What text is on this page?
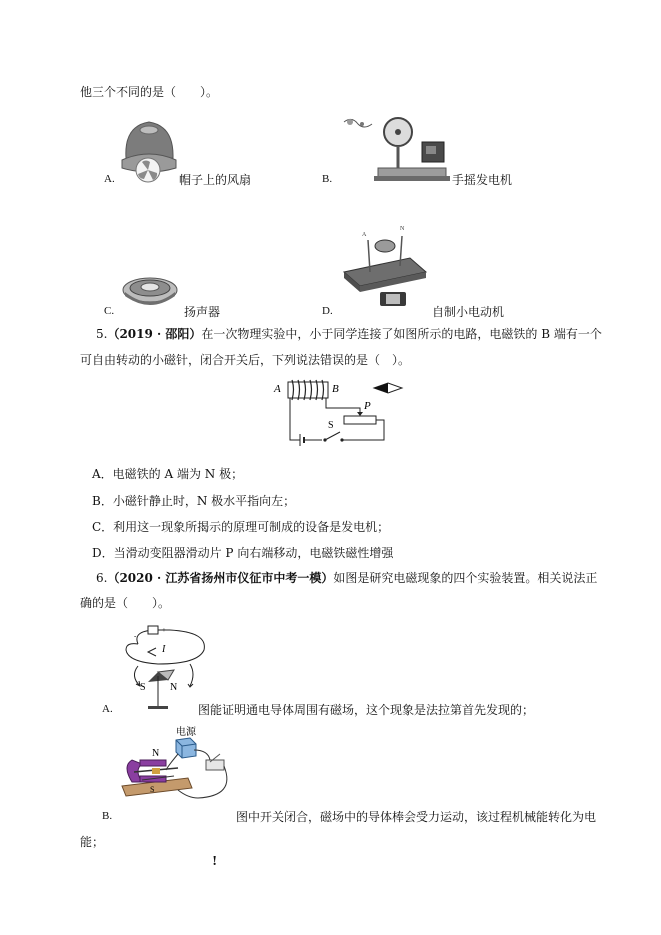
他三个不同的是（　　）。
A.	帽子上的风扇	B.	手摇发电机
C.	扬声器	D.
A
N
自制小电动机
5.（2019 · 邵阳）在一次物理实验中，小于同学连接了如图所示的电路，电磁铁的 B 端有一个
可自由转动的小磁针，闭合开关后，下列说法错误的是（　）。
A	B
S
P
A．电磁铁的 A 端为 N 极；
B．小磁针静止时，N 极水平指向左；
C．利用这一现象所揭示的原理可制成的设备是发电机；
D．当滑动变阻器滑动片 P 向右端移动，电磁铁磁性增强
6.（2020 · 江苏省扬州市仪征市中考一模）如图是研究电磁现象的四个实验装置。相关说法正
确的是（　　）。
-
+
I
S N
A.	图能证明通电导体周围有磁场，这个现象是法拉第首先发现的；
N
S
电源
B.	图中开关闭合，磁场中的导体棒会受力运动，该过程机械能转化为电
能；
!
